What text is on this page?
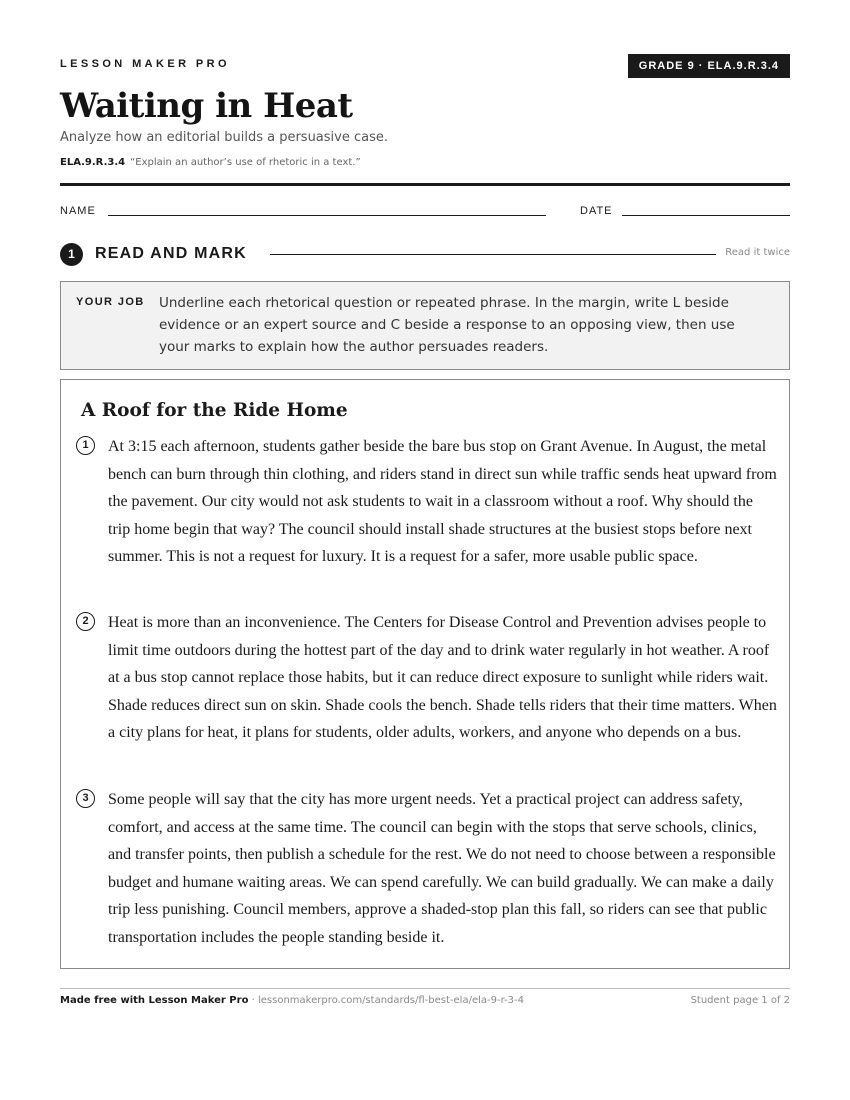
LESSON MAKER PRO	GRADE 9 · ELA.9.R.3.4
Waiting in Heat
Analyze how an editorial builds a persuasive case.
ELA.9.R.3.4 “Explain an author’s use of rhetoric in a text.”
NAME	DATE
1	READ AND MARK	Read it twice
YOUR JOB Underline each rhetorical question or repeated phrase. In the margin, write L beside evidence or an expert source and C beside a response to an opposing view, then use your marks to explain how the author persuades readers.
A Roof for the Ride Home
1	At 3:15 each afternoon, students gather beside the bare bus stop on Grant Avenue. In August, the metal bench can burn through thin clothing, and riders stand in direct sun while traffic sends heat upward from the pavement. Our city would not ask students to wait in a classroom without a roof. Why should the trip home begin that way? The council should install shade structures at the busiest stops before next summer. This is not a request for luxury. It is a request for a safer, more usable public space.
2	Heat is more than an inconvenience. The Centers for Disease Control and Prevention advises people to limit time outdoors during the hottest part of the day and to drink water regularly in hot weather. A roof at a bus stop cannot replace those habits, but it can reduce direct exposure to sunlight while riders wait. Shade reduces direct sun on skin. Shade cools the bench. Shade tells riders that their time matters. When a city plans for heat, it plans for students, older adults, workers, and anyone who depends on a bus.
3	Some people will say that the city has more urgent needs. Yet a practical project can address safety, comfort, and access at the same time. The council can begin with the stops that serve schools, clinics, and transfer points, then publish a schedule for the rest. We do not need to choose between a responsible budget and humane waiting areas. We can spend carefully. We can build gradually. We can make a daily trip less punishing. Council members, approve a shaded-stop plan this fall, so riders can see that public transportation includes the people standing beside it.
Made free with Lesson Maker Pro · lessonmakerpro.com/standards/fl-best-ela/ela-9-r-3-4	Student page 1 of 2
